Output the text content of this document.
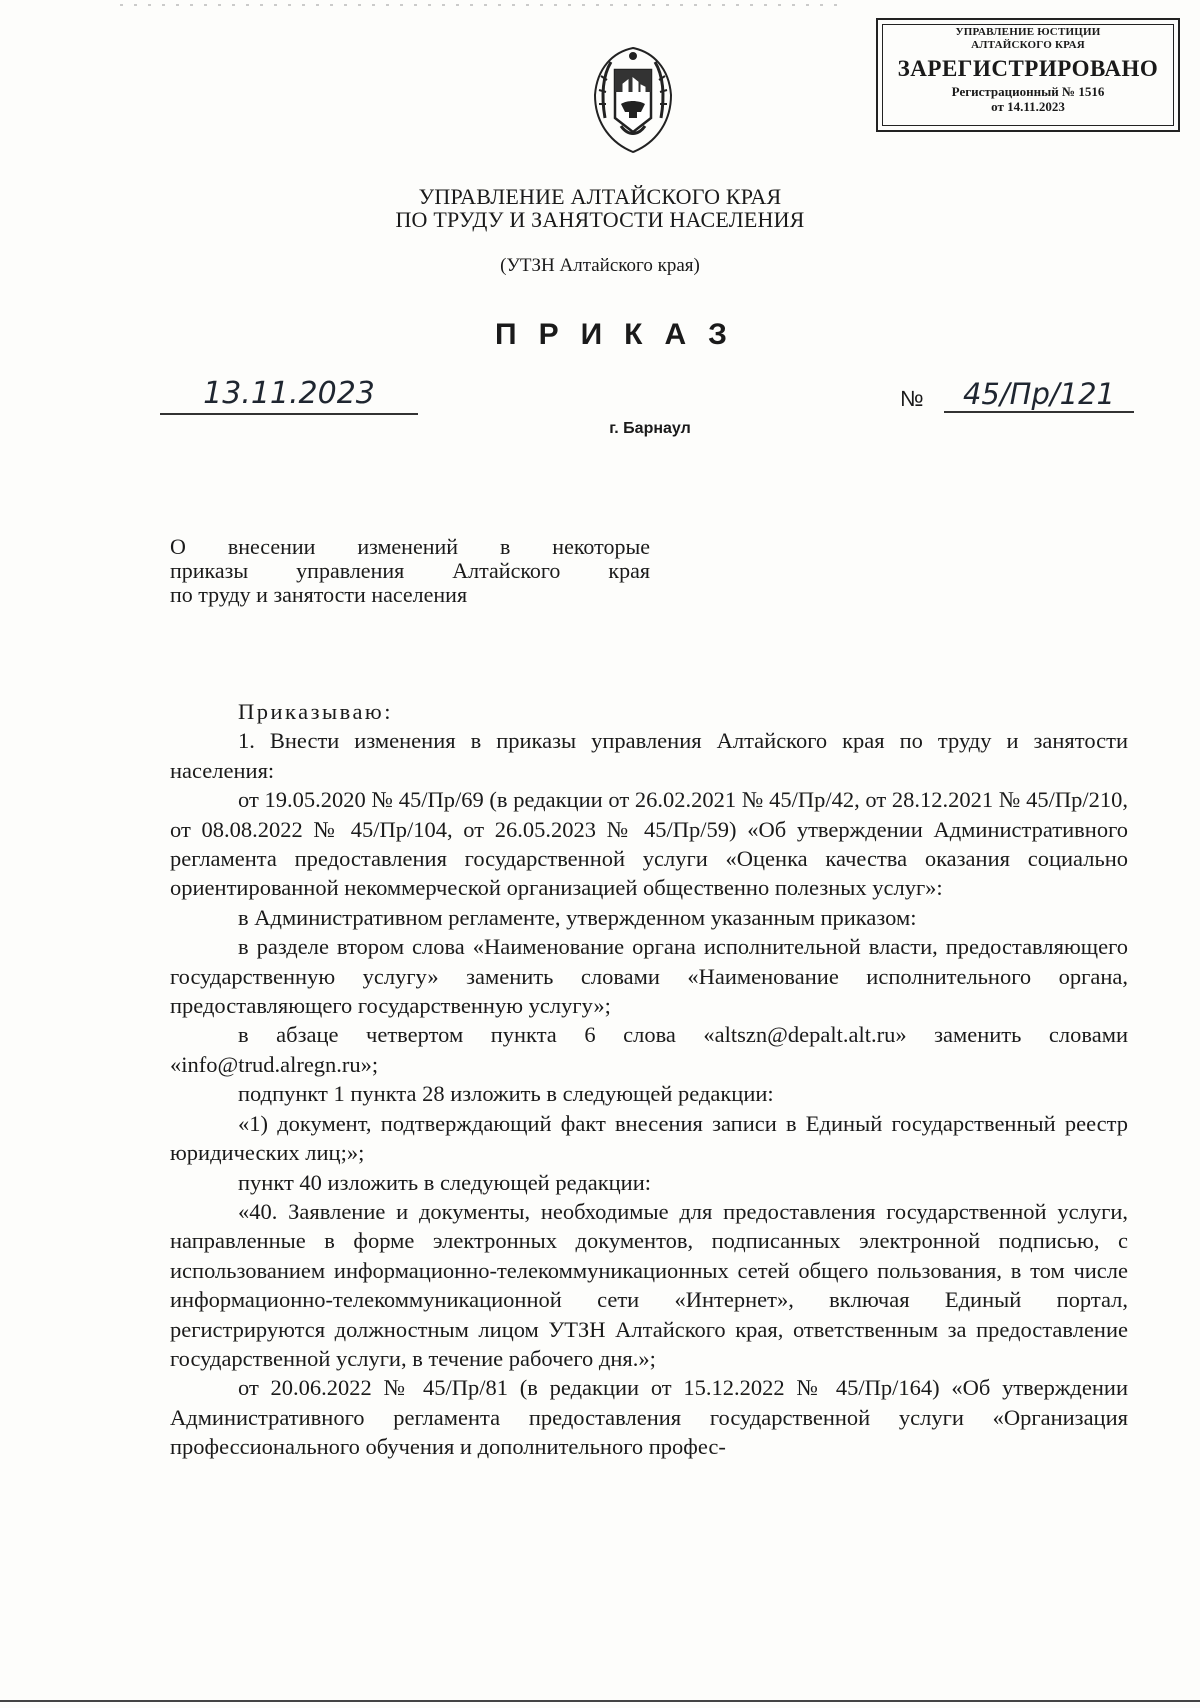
УПРАВЛЕНИЕ ЮСТИЦИИ
АЛТАЙСКОГО КРАЯ
ЗАРЕГИСТРИРОВАНО
Регистрационный № 1516
от 14.11.2023
УПРАВЛЕНИЕ АЛТАЙСКОГО КРАЯ
ПО ТРУДУ И ЗАНЯТОСТИ НАСЕЛЕНИЯ
(УТЗН Алтайского края)
ПРИКАЗ
13.11.2023	№	45/Пр/121
г. Барнаул
О внесении изменений в некоторые
приказы управления Алтайского края
по труду и занятости населения

Приказываю:

1. Внести изменения в приказы управления Алтайского края по труду и занятости населения:

от 19.05.2020 № 45/Пр/69 (в редакции от 26.02.2021 № 45/Пр/42, от 28.12.2021 № 45/Пр/210, от 08.08.2022 № 45/Пр/104, от 26.05.2023 № 45/Пр/59) «Об утверждении Административного регламента предоставления государственной услуги «Оценка качества оказания социально ориентированной некоммерческой организацией общественно полезных услуг»:

в Административном регламенте, утвержденном указанным приказом:

в разделе втором слова «Наименование органа исполнительной власти, предоставляющего государственную услугу» заменить словами «Наименование исполнительного органа, предоставляющего государственную услугу»;

в абзаце четвертом пункта 6 слова «altszn@depalt.alt.ru» заменить словами «info@trud.alregn.ru»;

подпункт 1 пункта 28 изложить в следующей редакции:

«1) документ, подтверждающий факт внесения записи в Единый государственный реестр юридических лиц;»;

пункт 40 изложить в следующей редакции:

«40. Заявление и документы, необходимые для предоставления государственной услуги, направленные в форме электронных документов, подписанных электронной подписью, с использованием информационно-телекоммуникационных сетей общего пользования, в том числе информационно-телекоммуникационной сети «Интернет», включая Единый портал, регистрируются должностным лицом УТЗН Алтайского края, ответственным за предоставление государственной услуги, в течение рабочего дня.»;

от 20.06.2022 № 45/Пр/81 (в редакции от 15.12.2022 № 45/Пр/164) «Об утверждении Административного регламента предоставления государственной услуги «Организация профессионального обучения и дополнительного профес-
